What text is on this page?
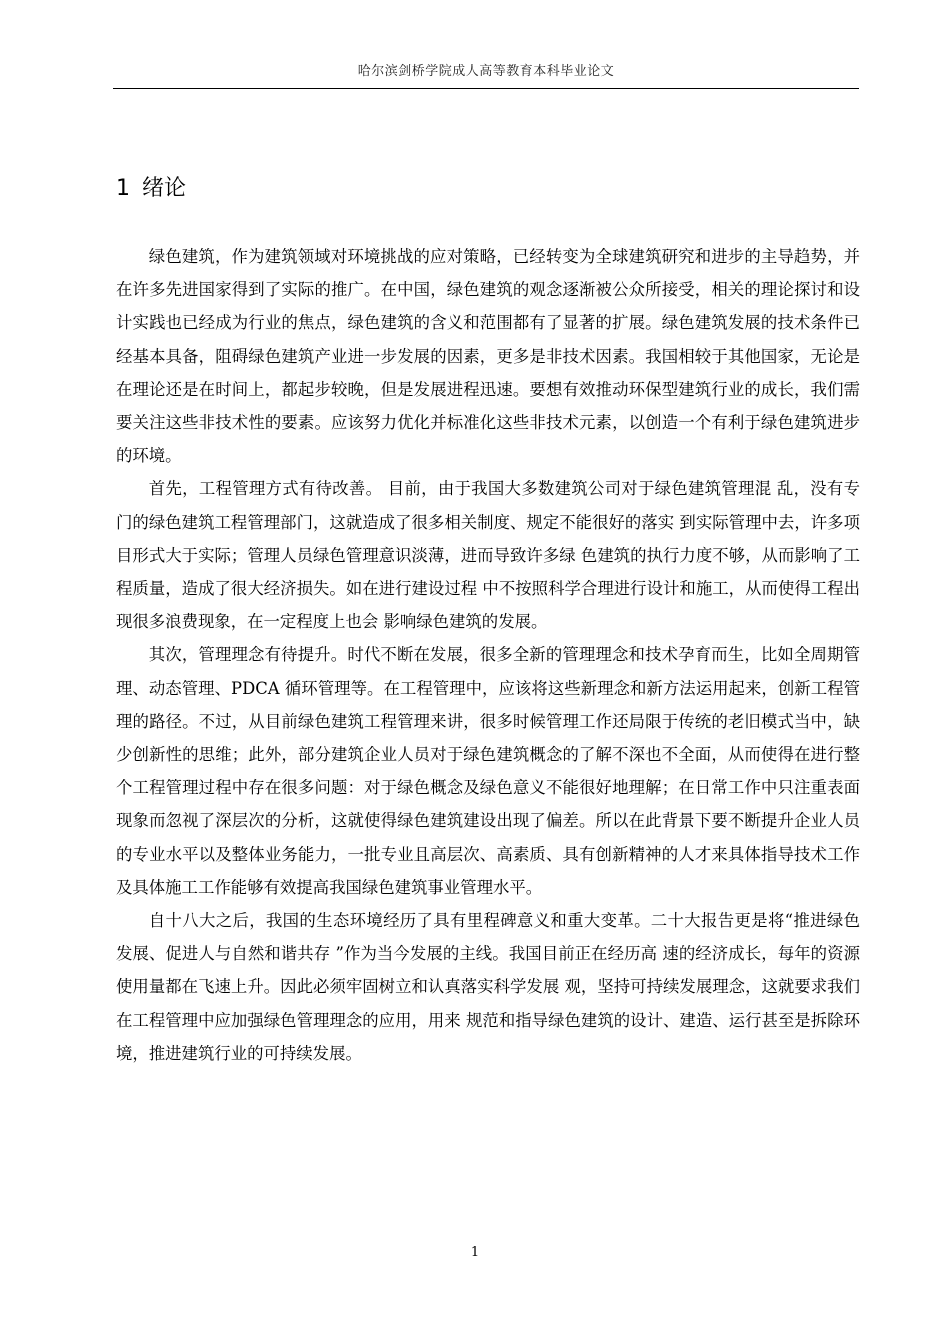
哈尔滨剑桥学院成人高等教育本科毕业论文
1 绪论

绿色建筑，作为建筑领域对环境挑战的应对策略，已经转变为全球建筑研究和进步的主导趋势，并在许多先进国家得到了实际的推广。在中国，绿色建筑的观念逐渐被公众所接受，相关的理论探讨和设计实践也已经成为行业的焦点，绿色建筑的含义和范围都有了显著的扩展。绿色建筑发展的技术条件已经基本具备，阻碍绿色建筑产业进一步发展的因素，更多是非技术因素。我国相较于其他国家，无论是在理论还是在时间上，都起步较晚，但是发展进程迅速。要想有效推动环保型建筑行业的成长，我们需要关注这些非技术性的要素。应该努力优化并标准化这些非技术元素，以创造一个有利于绿色建筑进步的环境。

首先，工程管理方式有待改善。 目前，由于我国大多数建筑公司对于绿色建筑管理混 乱，没有专门的绿色建筑工程管理部门，这就造成了很多相关制度、规定不能很好的落实 到实际管理中去，许多项目形式大于实际；管理人员绿色管理意识淡薄，进而导致许多绿 色建筑的执行力度不够，从而影响了工程质量，造成了很大经济损失。如在进行建设过程 中不按照科学合理进行设计和施工，从而使得工程出现很多浪费现象，在一定程度上也会 影响绿色建筑的发展。

其次，管理理念有待提升。时代不断在发展，很多全新的管理理念和技术孕育而生，比如全周期管理、动态管理、PDCA 循环管理等。在工程管理中，应该将这些新理念和新方法运用起来，创新工程管理的路径。不过，从目前绿色建筑工程管理来讲，很多时候管理工作还局限于传统的老旧模式当中，缺少创新性的思维；此外，部分建筑企业人员对于绿色建筑概念的了解不深也不全面，从而使得在进行整个工程管理过程中存在很多问题：对于绿色概念及绿色意义不能很好地理解；在日常工作中只注重表面现象而忽视了深层次的分析，这就使得绿色建筑建设出现了偏差。所以在此背景下要不断提升企业人员的专业水平以及整体业务能力，一批专业且高层次、高素质、具有创新精神的人才来具体指导技术工作及具体施工工作能够有效提高我国绿色建筑事业管理水平。

自十八大之后，我国的生态环境经历了具有里程碑意义和重大变革。二十大报告更是将“推进绿色发展、促进人与自然和谐共存 ”作为当今发展的主线。我国目前正在经历高 速的经济成长，每年的资源使用量都在飞速上升。因此必须牢固树立和认真落实科学发展 观，坚持可持续发展理念，这就要求我们在工程管理中应加强绿色管理理念的应用，用来 规范和指导绿色建筑的设计、建造、运行甚至是拆除环境，推进建筑行业的可持续发展。

1
